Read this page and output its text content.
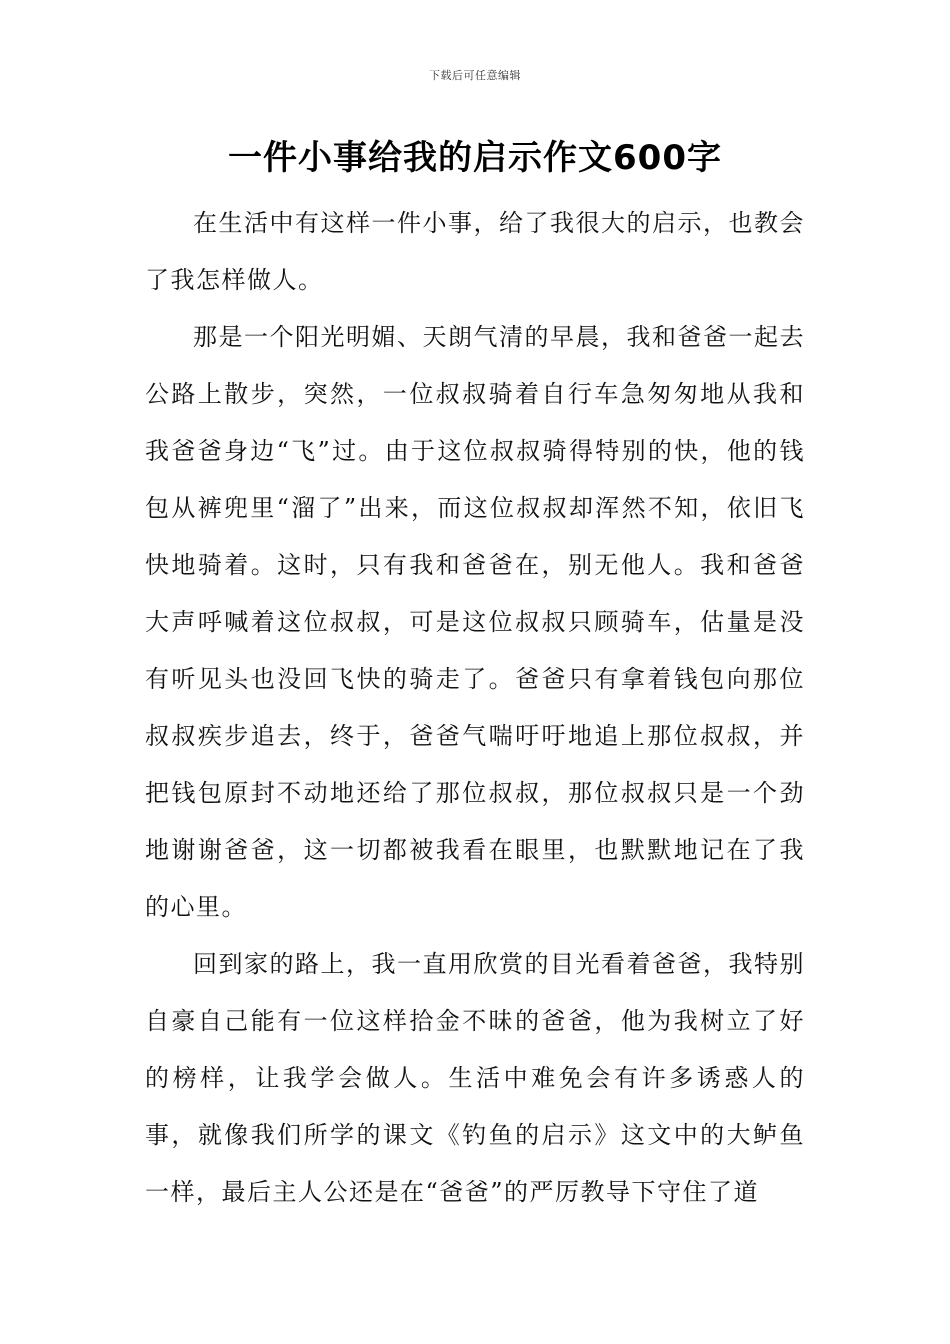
下载后可任意编辑
一件小事给我的启示作文600字

在生活中有这样一件小事，给了我很大的启示，也教会了我怎样做人。

那是一个阳光明媚、天朗气清的早晨，我和爸爸一起去公路上散步，突然，一位叔叔骑着自行车急匆匆地从我和我爸爸身边“飞”过。由于这位叔叔骑得特别的快，他的钱包从裤兜里“溜了”出来，而这位叔叔却浑然不知，依旧飞快地骑着。这时，只有我和爸爸在，别无他人。我和爸爸大声呼喊着这位叔叔，可是这位叔叔只顾骑车，估量是没有听见头也没回飞快的骑走了。爸爸只有拿着钱包向那位叔叔疾步追去，终于，爸爸气喘吁吁地追上那位叔叔，并把钱包原封不动地还给了那位叔叔，那位叔叔只是一个劲地谢谢爸爸，这一切都被我看在眼里，也默默地记在了我的心里。

回到家的路上，我一直用欣赏的目光看着爸爸，我特别自豪自己能有一位这样拾金不昧的爸爸，他为我树立了好的榜样，让我学会做人。生活中难免会有许多诱惑人的事，就像我们所学的课文《钓鱼的启示》这文中的大鲈鱼一样，最后主人公还是在“爸爸”的严厉教导下守住了道
